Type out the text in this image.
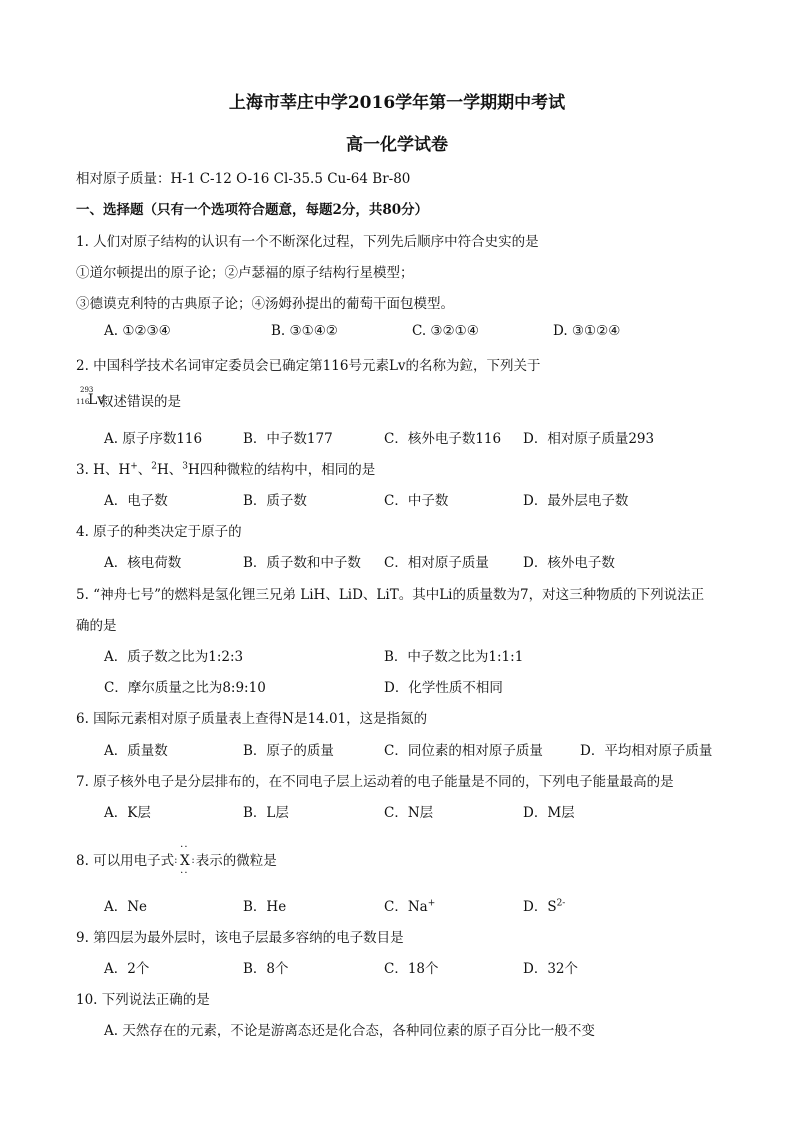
上海市莘庄中学2016学年第一学期期中考试
高一化学试卷
相对原子质量：H-1 C-12 O-16 Cl-35.5 Cu-64 Br-80
一、选择题（只有一个选项符合题意，每题2分，共80分）
1. 人们对原子结构的认识有一个不断深化过程，下列先后顺序中符合史实的是
①道尔顿提出的原子论；②卢瑟福的原子结构行星模型；
③德谟克利特的古典原子论；④汤姆孙提出的葡萄干面包模型。
A. ①②③④	B. ③①④②	C. ③②①④	D. ③①②④
2. 中国科学技术名词审定委员会已确定第116号元素Lv的名称为鉝，下列关于
293
116
Lv
叙述错误的是
A. 原子序数116	B．中子数177	C．核外电子数116 D．相对原子质量293
3. H、H+、$^2$H、$^3$H四种微粒的结构中，相同的是
A．电子数	B．质子数	C．中子数	D．最外层电子数
4. 原子的种类决定于原子的
A．核电荷数	B．质子数和中子数 C．相对原子质量	D．核外电子数
5. “神舟七号”的燃料是氢化锂三兄弟 LiH、LiD、LiT。其中Li的质量数为7，对这三种物质的下列说法正
确的是
A．质子数之比为1:2:3	B．中子数之比为1:1:1
C．摩尔质量之比为8:9:10	D．化学性质不相同
6. 国际元素相对原子质量表上查得N是14.01，这是指氮的
A．质量数	B．原子的质量	C．同位素的相对原子质量	D．平均相对原子质量
7. 原子核外电子是分层排布的，在不同电子层上运动着的电子能量是不同的，下列电子能量最高的是
A．K层	B．L层	C．N层	D．M层
8. 可以用电子式
··
: X :
··
表示的微粒是
A．Ne	B．He	C．Na+	D．$S^{2-}$
9. 第四层为最外层时，该电子层最多容纳的电子数目是
A．2个	B．8个	C．18个	D．32个
10. 下列说法正确的是
A. 天然存在的元素，不论是游离态还是化合态，各种同位素的原子百分比一般不变
